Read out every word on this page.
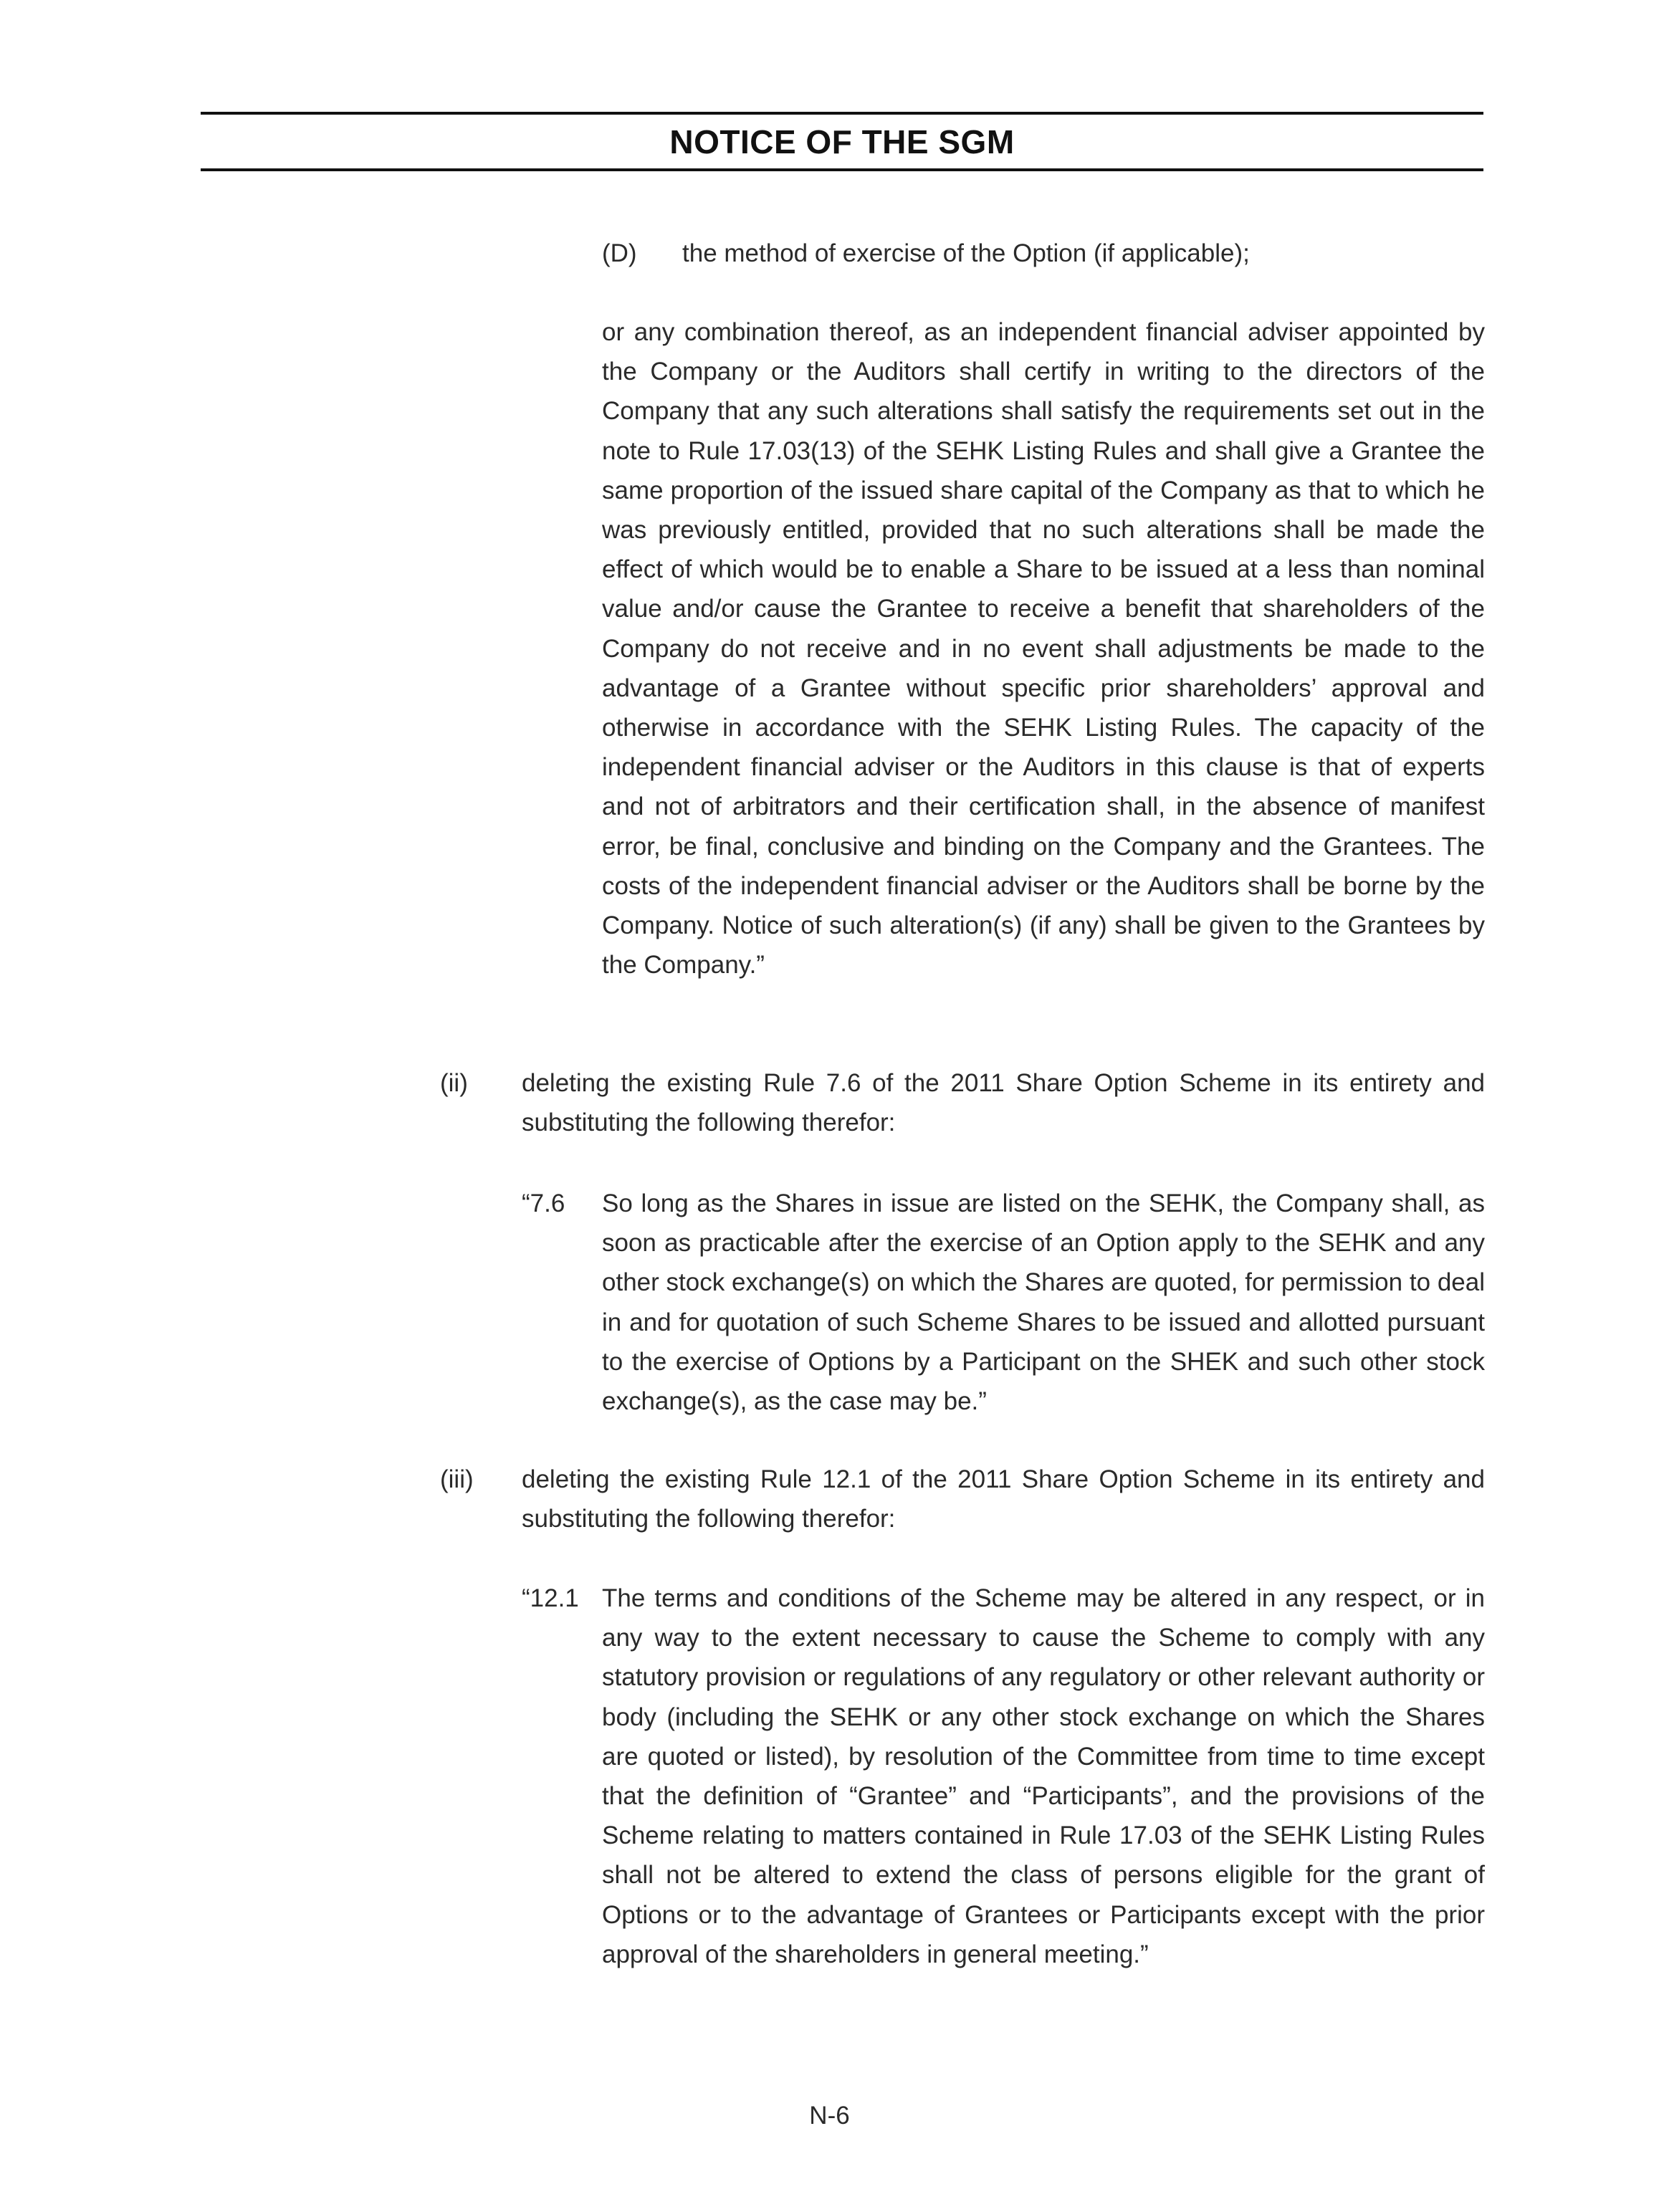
NOTICE OF THE SGM
(D) the method of exercise of the Option (if applicable);
or any combination thereof, as an independent financial adviser appointed by the Company or the Auditors shall certify in writing to the directors of the Company that any such alterations shall satisfy the requirements set out in the note to Rule 17.03(13) of the SEHK Listing Rules and shall give a Grantee the same proportion of the issued share capital of the Company as that to which he was previously entitled, provided that no such alterations shall be made the effect of which would be to enable a Share to be issued at a less than nominal value and/or cause the Grantee to receive a benefit that shareholders of the Company do not receive and in no event shall adjustments be made to the advantage of a Grantee without specific prior shareholders’ approval and otherwise in accordance with the SEHK Listing Rules. The capacity of the independent financial adviser or the Auditors in this clause is that of experts and not of arbitrators and their certification shall, in the absence of manifest error, be final, conclusive and binding on the Company and the Grantees. The costs of the independent financial adviser or the Auditors shall be borne by the Company. Notice of such alteration(s) (if any) shall be given to the Grantees by the Company.”
(ii) deleting the existing Rule 7.6 of the 2011 Share Option Scheme in its entirety and substituting the following therefor:
“7.6 So long as the Shares in issue are listed on the SEHK, the Company shall, as soon as practicable after the exercise of an Option apply to the SEHK and any other stock exchange(s) on which the Shares are quoted, for permission to deal in and for quotation of such Scheme Shares to be issued and allotted pursuant to the exercise of Options by a Participant on the SHEK and such other stock exchange(s), as the case may be.”
(iii) deleting the existing Rule 12.1 of the 2011 Share Option Scheme in its entirety and substituting the following therefor:
“12.1 The terms and conditions of the Scheme may be altered in any respect, or in any way to the extent necessary to cause the Scheme to comply with any statutory provision or regulations of any regulatory or other relevant authority or body (including the SEHK or any other stock exchange on which the Shares are quoted or listed), by resolution of the Committee from time to time except that the definition of “Grantee” and “Participants”, and the provisions of the Scheme relating to matters contained in Rule 17.03 of the SEHK Listing Rules shall not be altered to extend the class of persons eligible for the grant of Options or to the advantage of Grantees or Participants except with the prior approval of the shareholders in general meeting.”
N-6
